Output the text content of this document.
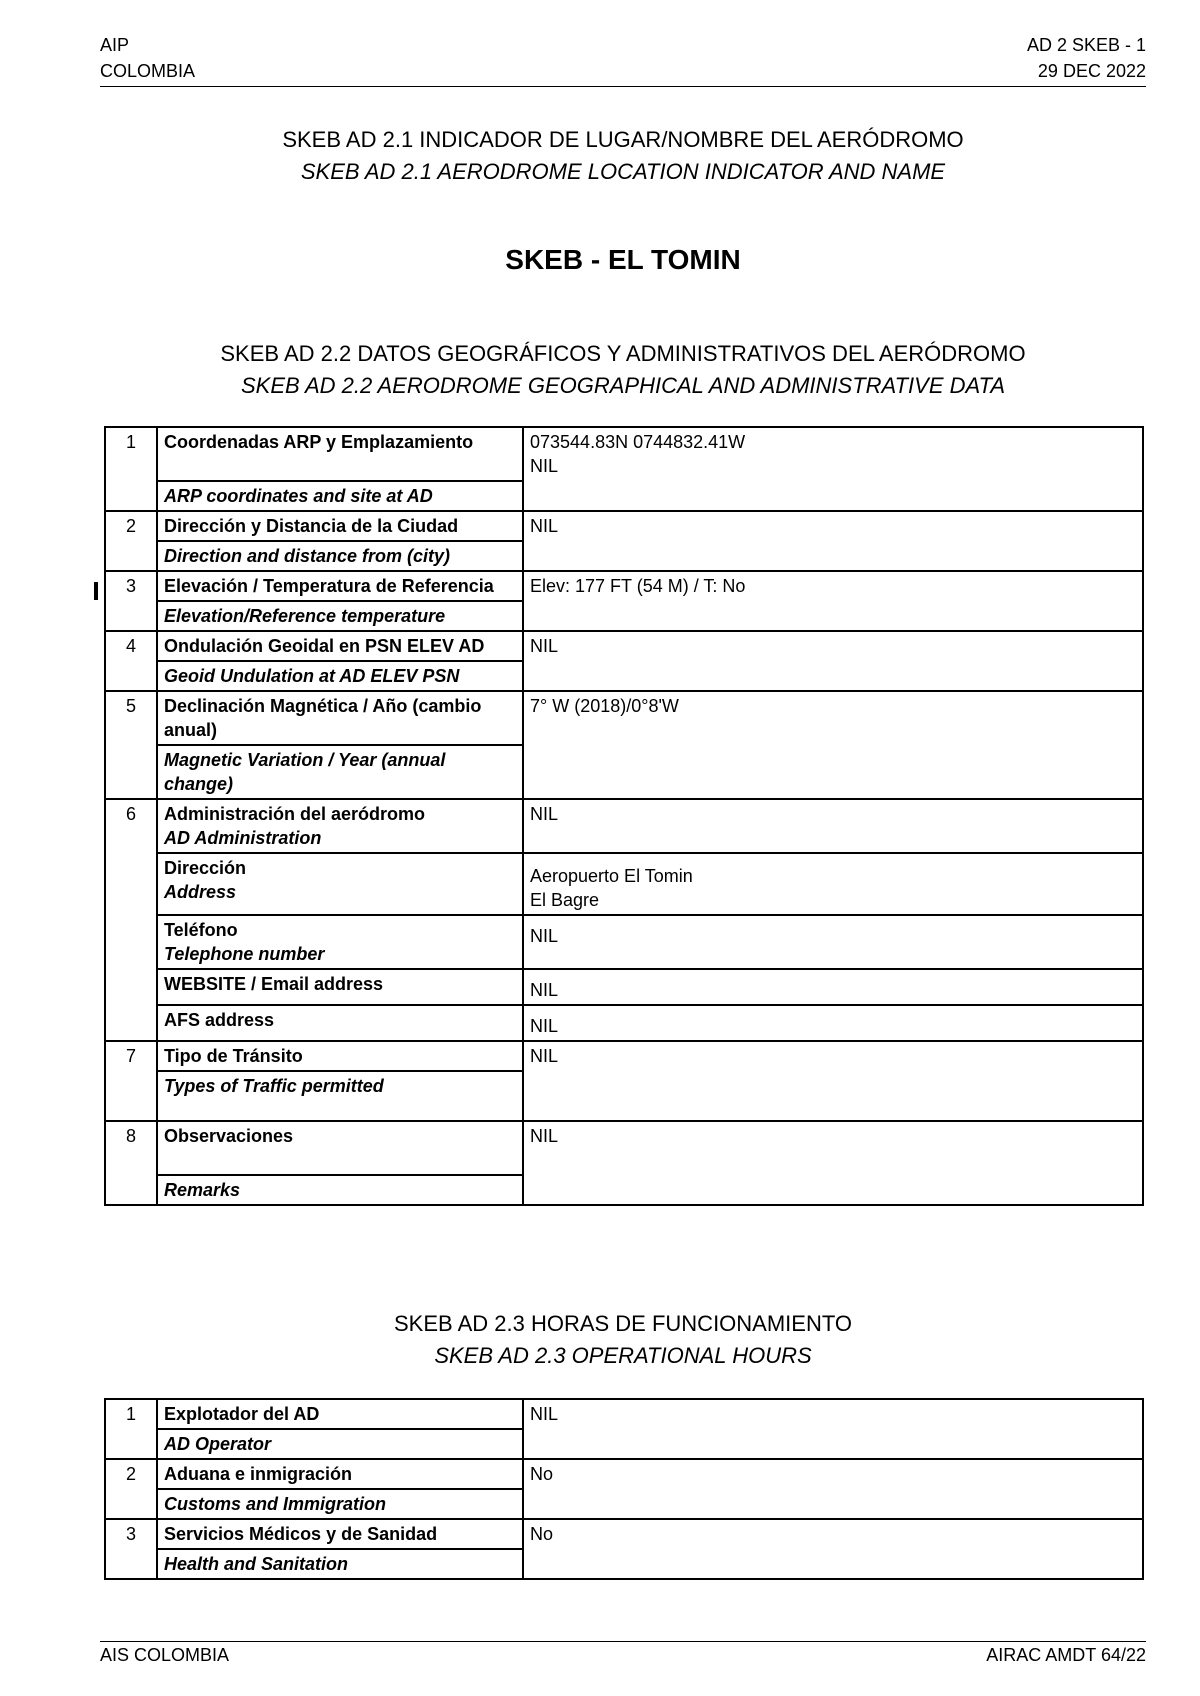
AIP
COLOMBIA
AD 2 SKEB - 1
29 DEC 2022
SKEB AD 2.1 INDICADOR DE LUGAR/NOMBRE DEL AERÓDROMO
SKEB AD 2.1 AERODROME LOCATION INDICATOR AND NAME
SKEB - EL TOMIN
SKEB AD 2.2 DATOS GEOGRÁFICOS Y ADMINISTRATIVOS DEL AERÓDROMO
SKEB AD 2.2 AERODROME GEOGRAPHICAL AND ADMINISTRATIVE DATA
1	Coordenadas ARP y Emplazamiento	073544.83N 0744832.41W
NIL

	ARP coordinates and site at AD	

2	Dirección y Distancia de la Ciudad	NIL

	Direction and distance from (city)	

3	Elevación / Temperatura de Referencia	Elev: 177 FT (54 M) / T: No

	Elevation/Reference temperature	

4	Ondulación Geoidal en PSN ELEV AD	NIL

	Geoid Undulation at AD ELEV PSN	

5	Declinación Magnética / Año (cambio anual)	7° W (2018)/0°8'W

	Magnetic Variation / Year (annual change)	

6	Administración del aeródromo
AD Administration	NIL
	Dirección
Address	Aeropuerto El Tomin
El Bagre
	Teléfono
Telephone number	NIL
	WEBSITE / Email address	NIL
	AFS address	NIL
7	Tipo de Tránsito	NIL

	Types of Traffic permitted	

8	Observaciones	NIL

	Remarks	
SKEB AD 2.3 HORAS DE FUNCIONAMIENTO
SKEB AD 2.3 OPERATIONAL HOURS
1	Explotador del AD	NIL

	AD Operator	

2	Aduana e inmigración	No

	Customs and Immigration	

3	Servicios Médicos y de Sanidad	No

	Health and Sanitation	
AIS COLOMBIA	AIRAC AMDT 64/22
